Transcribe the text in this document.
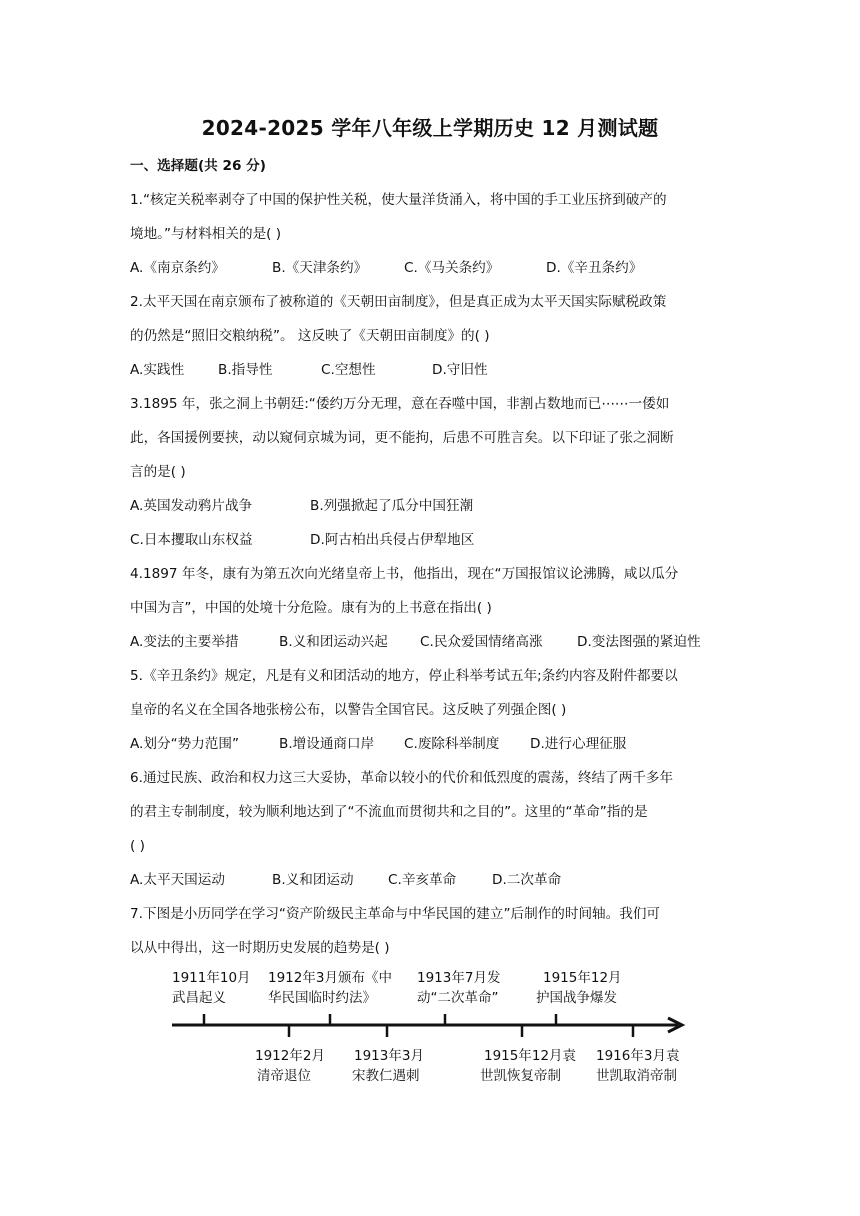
2024-2025 学年八年级上学期历史 12 月测试题
一、选择题(共 26 分)
1.“核定关税率剥夺了中国的保护性关税，使大量洋货涌入，将中国的手工业压挤到破产的
境地。”与材料相关的是( )
A.《南京条约》	B.《天津条约》	C.《马关条约》	D.《辛丑条约》
2.太平天国在南京颁布了被称道的《天朝田亩制度》，但是真正成为太平天国实际赋税政策
的仍然是“照旧交粮纳税”。 这反映了《天朝田亩制度》的( )
A.实践性 B.指导性	C.空想性	D.守旧性
3.1895 年，张之洞上书朝廷:“倭约万分无理，意在吞噬中国，非割占数地而已⋯⋯一倭如
此，各国援例要挟，动以窥伺京城为词，更不能拘，后患不可胜言矣。以下印证了张之洞断
言的是( )
A.英国发动鸦片战争	B.列强掀起了瓜分中国狂潮
C.日本攫取山东权益	D.阿古柏出兵侵占伊犁地区
4.1897 年冬，康有为第五次向光绪皇帝上书，他指出，现在“万国报馆议论沸腾，咸以瓜分
中国为言”，中国的处境十分危险。康有为的上书意在指出( )
A.变法的主要举措	B.义和团运动兴起 C.民众爱国情绪高涨	D.变法图强的紧迫性
5.《辛丑条约》规定，凡是有义和团活动的地方，停止科举考试五年;条约内容及附件都要以
皇帝的名义在全国各地张榜公布，以警告全国官民。这反映了列强企图( )
A.划分“势力范围”	B.增设通商口岸 C.废除科举制度 D.进行心理征服
6.通过民族、政治和权力这三大妥协，革命以较小的代价和低烈度的震荡，终结了两千多年
的君主专制制度，较为顺利地达到了“不流血而贯彻共和之目的”。这里的“革命”指的是
( )
A.太平天国运动	B.义和团运动	C.辛亥革命	D.二次革命
7.下图是小历同学在学习“资产阶级民主革命与中华民国的建立”后制作的时间轴。我们可
以从中得出，这一时期历史发展的趋势是( )
1911年10月
武昌起义
1912年3月颁布《中
华民国临时约法》
1913年7月发
动“二次革命”
1915年12月
护国战争爆发
1912年2月
清帝退位
1913年3月
宋教仁遇刺
1915年12月袁
世凯恢复帝制
1916年3月袁
世凯取消帝制
